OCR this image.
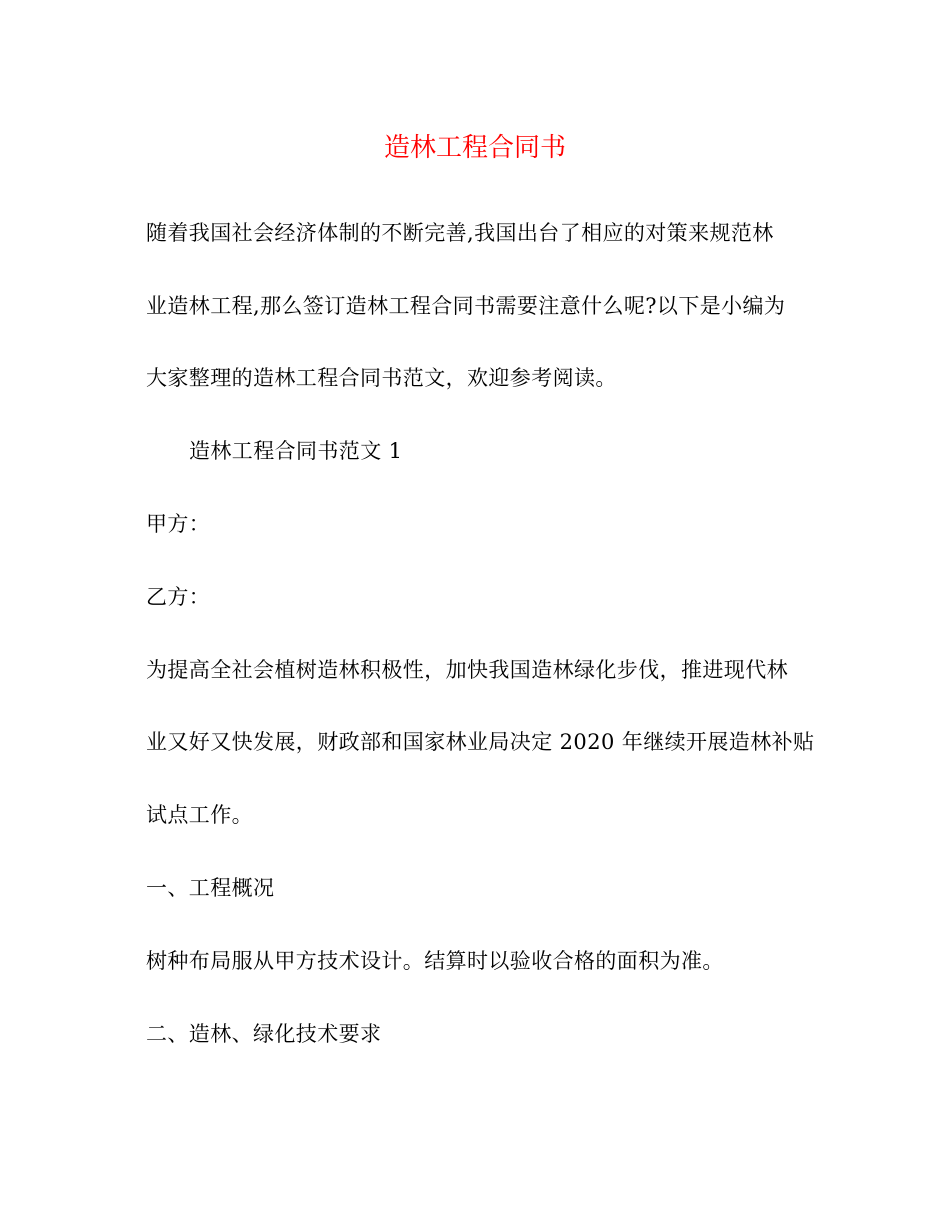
造林工程合同书
随着我国社会经济体制的不断完善,我国出台了相应的对策来规范林
业造林工程,那么签订造林工程合同书需要注意什么呢?以下是小编为
大家整理的造林工程合同书范文，欢迎参考阅读。
造林工程合同书范文 1
甲方：
乙方：
为提高全社会植树造林积极性，加快我国造林绿化步伐，推进现代林
业又好又快发展，财政部和国家林业局决定 2020 年继续开展造林补贴
试点工作。
一、工程概况
树种布局服从甲方技术设计。结算时以验收合格的面积为准。
二、造林、绿化技术要求
